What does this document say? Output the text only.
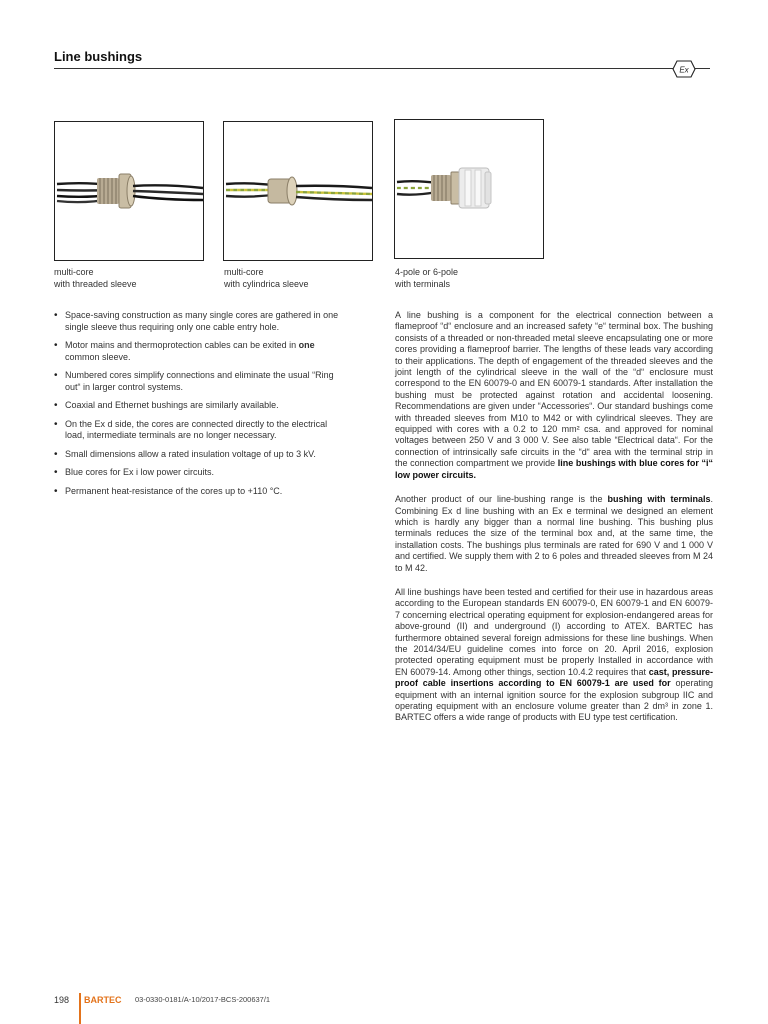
Line bushings
Ex
multi-core
with threaded sleeve
multi-core
with cylindrica sleeve
4-pole or 6-pole
with terminals
• Space-saving construction as many single cores are gathered in one single sleeve thus requiring only one cable entry hole.
• Motor mains and thermoprotection cables can be exited in one common sleeve.
• Numbered cores simplify connections and eliminate the usual “Ring out“ in larger control systems.
• Coaxial and Ethernet bushings are similarly available.
• On the Ex d side, the cores are connected directly to the electrical load, intermediate terminals are no longer necessary.
• Small dimensions allow a rated insulation voltage of up to 3 kV.
• Blue cores for Ex i low power circuits.
• Permanent heat-resistance of the cores up to +110 °C.

A line bushing is a component for the electrical connection between a flameproof “d“ enclosure and an increased safety “e“ terminal box. The bushing consists of a threaded or non-threaded metal sleeve encapsulating one or more cores providing a flameproof barrier. The lengths of these leads vary according to their applications. The depth of engagement of the threaded sleeves and the joint length of the cylindrical sleeve in the wall of the “d“ enclosure must correspond to the EN 60079-0 and EN 60079-1 standards. After installation the bushing must be protected against rotation and accidental loosening. Recommendations are given under “Accessories“. Our standard bushings come with threaded sleeves from M10 to M42 or with cylindrical sleeves. They are equipped with cores with a 0.2 to 120 mm² csa. and approved for nominal voltages between 250 V and 3 000 V. See also table “Electrical data“. For the connection of intrinsically safe circuits in the “d“ area with the terminal strip in the connection compartment we provide line bushings with blue cores for “i“ low power circuits.

Another product of our line-bushing range is the bushing with terminals. Combining Ex d line bushing with an Ex e terminal we designed an element which is hardly any bigger than a normal line bushing. This bushing plus terminals reduces the size of the terminal box and, at the same time, the installation costs. The bushings plus terminals are rated for 690 V and 1 000 V and certified. We supply them with 2 to 6 poles and threaded sleeves from M 24 to M 42.

All line bushings have been tested and certified for their use in hazardous areas according to the European standards EN 60079-0, EN 60079-1 and EN 60079-7 concerning electrical operating equipment for explosion-endangered areas for above-ground (II) and underground (I) according to ATEX. BARTEC has furthermore obtained several foreign admissions for these line bushings. When the 2014/34/EU guideline comes into force on 20. April 2016, explosion protected operating equipment must be properly Installed in accordance with EN 60079-14. Among other things, section 10.4.2 requires that cast, pressure-proof cable insertions according to EN 60079-1 are used for operating equipment with an internal ignition source for the explosion subgroup IIC and operating equipment with an enclosure volume greater than 2 dm³ in zone 1. BARTEC offers a wide range of products with EU type test certification.

198 BARTEC 03-0330-0181/A-10/2017-BCS-200637/1
